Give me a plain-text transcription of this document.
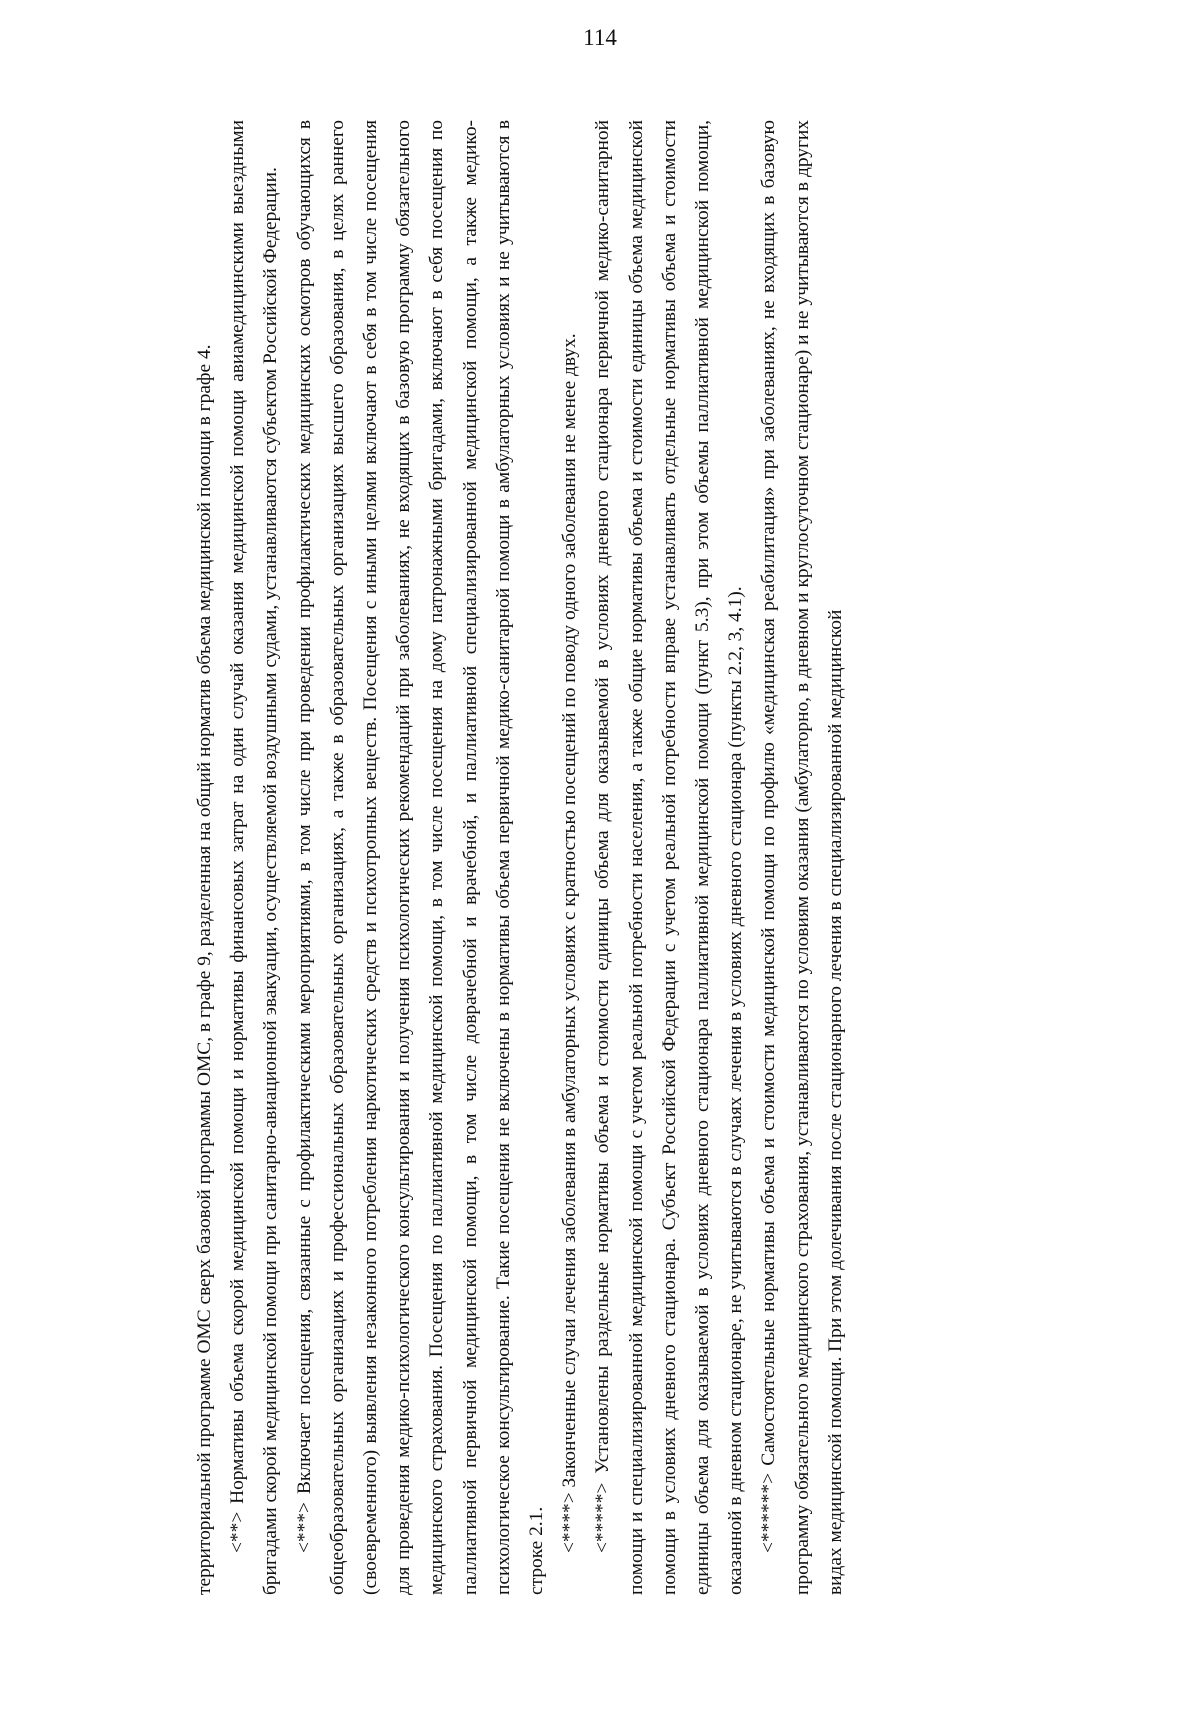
114

территориальной программе ОМС сверх базовой программы ОМС, в графе 9, разделенная на общий норматив объема медицинской помощи в графе 4. <**> Нормативы объема скорой медицинской помощи и нормативы финансовых затрат на один случай оказания медицинской помощи авиамедицинскими выездными бригадами скорой медицинской помощи при санитарно-авиационной эвакуации, осуществляемой воздушными судами, устанавливаются субъектом Российской Федерации. <***> Включает посещения, связанные с профилактическими мероприятиями, в том числе при проведении профилактических медицинских осмотров обучающихся в общеобразовательных организациях и профессиональных образовательных организациях, а также в образовательных организациях высшего образования, в целях раннего (своевременного) выявления незаконного потребления наркотических средств и психотропных веществ. Посещения с иными целями включают в себя в том числе посещения для проведения медико-психологического консультирования и получения психологических рекомендаций при заболеваниях, не входящих в базовую программу обязательного медицинского страхования. Посещения по паллиативной медицинской помощи, в том числе посещения на дому патронажными бригадами, включают в себя посещения по паллиативной первичной медицинской помощи, в том числе доврачебной и врачебной, и паллиативной специализированной медицинской помощи, а также медико-психологическое консультирование. Такие посещения не включены в нормативы объема первичной медико-санитарной помощи в амбулаторных условиях и не учитываются в строке 2.1. <****> Законченные случаи лечения заболевания в амбулаторных условиях с кратностью посещений по поводу одного заболевания не менее двух. <*****> Установлены раздельные нормативы объема и стоимости единицы объема для оказываемой в условиях дневного стационара первичной медико-санитарной помощи и специализированной медицинской помощи с учетом реальной потребности населения, а также общие нормативы объема и стоимости единицы объема медицинской помощи в условиях дневного стационара. Субъект Российской Федерации с учетом реальной потребности вправе устанавливать отдельные нормативы объема и стоимости единицы объема для оказываемой в условиях дневного стационара паллиативной медицинской помощи (пункт 5.3), при этом объемы паллиативной медицинской помощи, оказанной в дневном стационаре, не учитываются в случаях лечения в условиях дневного стационара (пункты 2.2, 3, 4.1). <******> Самостоятельные нормативы объема и стоимости медицинской помощи по профилю «медицинская реабилитация» при заболеваниях, не входящих в базовую программу обязательного медицинского страхования, устанавливаются по условиям оказания (амбулаторно, в дневном и круглосуточном стационаре) и не учитываются в других видах медицинской помощи. При этом долечивания после стационарного лечения в специализированной медицинской
